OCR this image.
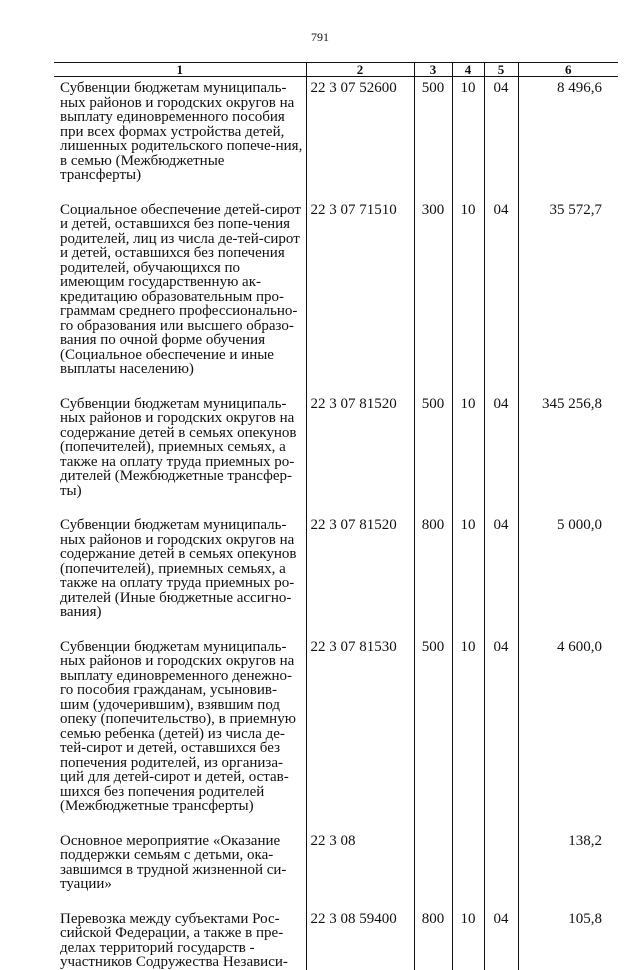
791
1	2	3	4	5	6
Субвенции бюджетам муниципаль-ных районов и городских округов на выплату единовременного пособия при всех формах устройства детей, лишенных родительского попече-ния, в семью (Межбюджетные трансферты)	22 3 07 52600	500	10	04	8 496,6

Социальное обеспечение детей-сирот и детей, оставшихся без попе-чения родителей, лиц из числа де-тей-сирот и детей, оставшихся без попечения родителей, обучающихся по имеющим государственную ак-кредитацию образовательным про-граммам среднего профессионально-го образования или высшего образо-вания по очной форме обучения (Социальное обеспечение и иные выплаты населению)	22 3 07 71510	300	10	04	35 572,7

Субвенции бюджетам муниципаль-ных районов и городских округов на содержание детей в семьях опекунов (попечителей), приемных семьях, а также на оплату труда приемных ро-дителей (Межбюджетные трансфер-ты)	22 3 07 81520	500	10	04	345 256,8

Субвенции бюджетам муниципаль-ных районов и городских округов на содержание детей в семьях опекунов (попечителей), приемных семьях, а также на оплату труда приемных ро-дителей (Иные бюджетные ассигно-вания)	22 3 07 81520	800	10	04	5 000,0

Субвенции бюджетам муниципаль-ных районов и городских округов на выплату единовременного денежно-го пособия гражданам, усыновив-шим (удочерившим), взявшим под опеку (попечительство), в приемную семью ребенка (детей) из числа де-тей-сирот и детей, оставшихся без попечения родителей, из организа-ций для детей-сирот и детей, остав-шихся без попечения родителей (Межбюджетные трансферты)	22 3 07 81530	500	10	04	4 600,0

Основное мероприятие «Оказание поддержки семьям с детьми, ока-завшимся в трудной жизненной си-туации»	22 3 08				138,2

Перевозка между субъектами Рос-сийской Федерации, а также в пре-делах территорий государств - участников Содружества Независи-	22 3 08 59400	800	10	04	105,8
